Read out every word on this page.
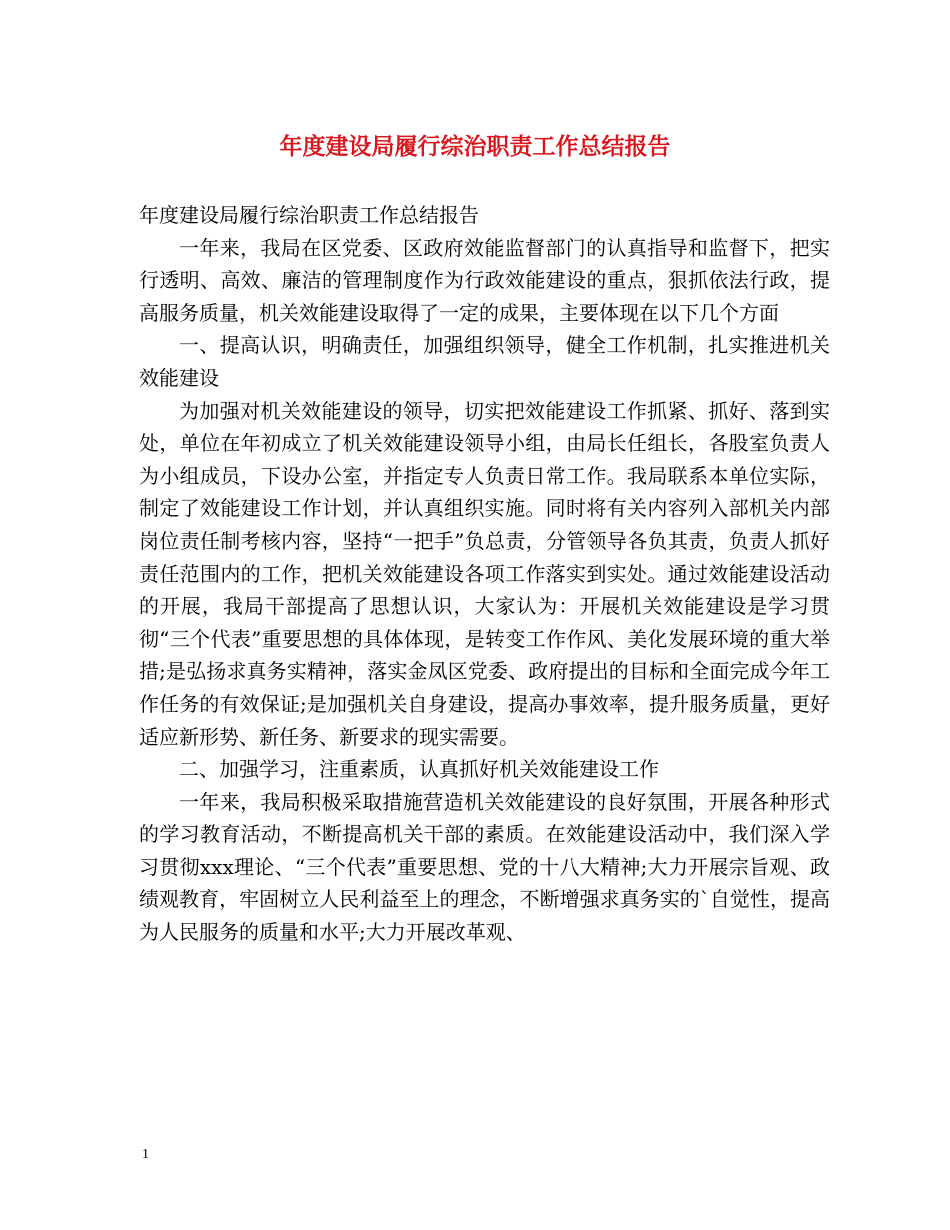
年度建设局履行综治职责工作总结报告

年度建设局履行综治职责工作总结报告

一年来，我局在区党委、区政府效能监督部门的认真指导和监督下，把实行透明、高效、廉洁的管理制度作为行政效能建设的重点，狠抓依法行政，提高服务质量，机关效能建设取得了一定的成果，主要体现在以下几个方面

一、提高认识，明确责任，加强组织领导，健全工作机制，扎实推进机关效能建设

为加强对机关效能建设的领导，切实把效能建设工作抓紧、抓好、落到实处，单位在年初成立了机关效能建设领导小组，由局长任组长，各股室负责人为小组成员，下设办公室，并指定专人负责日常工作。我局联系本单位实际，制定了效能建设工作计划，并认真组织实施。同时将有关内容列入部机关内部岗位责任制考核内容，坚持“一把手”负总责，分管领导各负其责，负责人抓好责任范围内的工作，把机关效能建设各项工作落实到实处。通过效能建设活动的开展，我局干部提高了思想认识，大家认为：开展机关效能建设是学习贯彻“三个代表”重要思想的具体体现，是转变工作作风、美化发展环境的重大举措;是弘扬求真务实精神，落实金凤区党委、政府提出的目标和全面完成今年工作任务的有效保证;是加强机关自身建设，提高办事效率，提升服务质量，更好适应新形势、新任务、新要求的现实需要。

二、加强学习，注重素质，认真抓好机关效能建设工作

一年来，我局积极采取措施营造机关效能建设的良好氛围，开展各种形式的学习教育活动，不断提高机关干部的素质。在效能建设活动中，我们深入学习贯彻xxx理论、“三个代表”重要思想、党的十八大精神;大力开展宗旨观、政绩观教育，牢固树立人民利益至上的理念，不断增强求真务实的`自觉性，提高为人民服务的质量和水平;大力开展改革观、

1
